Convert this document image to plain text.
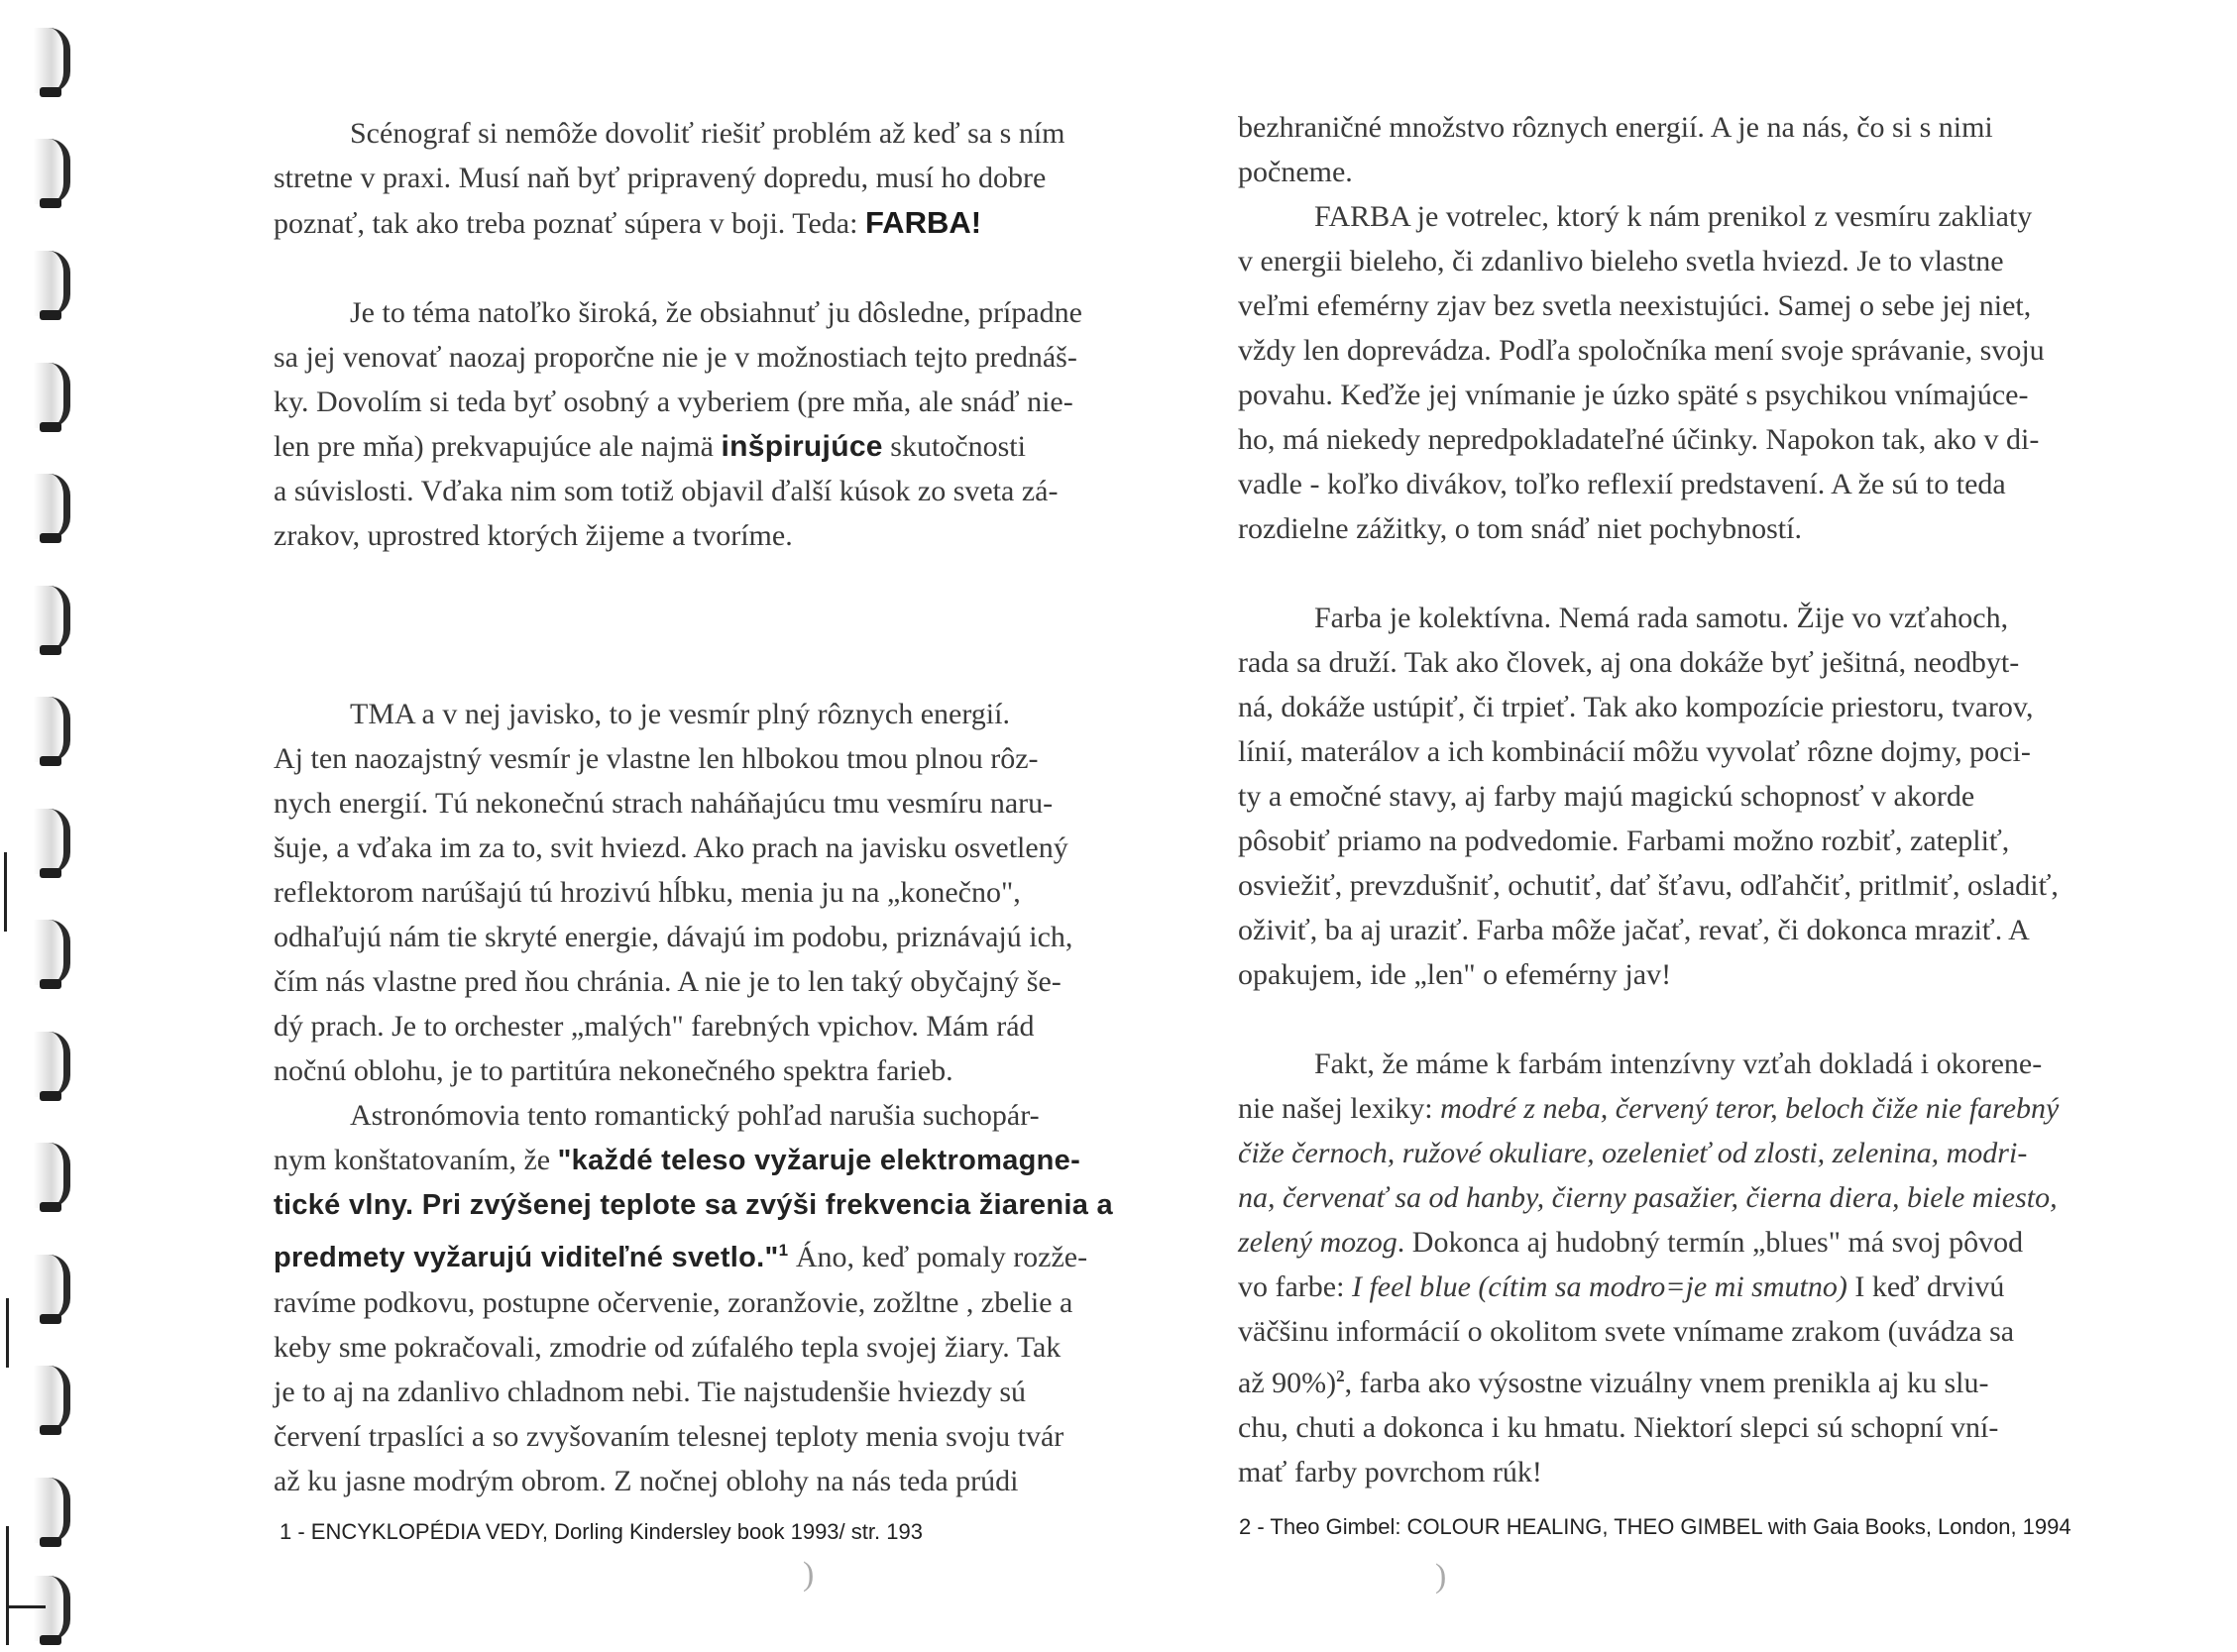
Scénograf si nemôže dovoliť riešiť problém až keď sa s ním
stretne v praxi. Musí naň byť pripravený dopredu, musí ho dobre
poznať, tak ako treba poznať súpera v boji. Teda: FARBA!

Je to téma natoľko široká, že obsiahnuť ju dôsledne, prípadne
sa jej venovať naozaj proporčne nie je v možnostiach tejto prednáš-
ky. Dovolím si teda byť osobný a vyberiem (pre mňa, ale snáď nie-
len pre mňa) prekvapujúce ale najmä inšpirujúce skutočnosti
a súvislosti. Vďaka nim som totiž objavil ďalší kúsok zo sveta zá-
zrakov, uprostred ktorých žijeme a tvoríme.

TMA a v nej javisko, to je vesmír plný rôznych energií.
Aj ten naozajstný vesmír je vlastne len hlbokou tmou plnou rôz-
nych energií. Tú nekonečnú strach naháňajúcu tmu vesmíru naru-
šuje, a vďaka im za to, svit hviezd. Ako prach na javisku osvetlený
reflektorom narúšajú tú hrozivú hĺbku, menia ju na „konečno",
odhaľujú nám tie skryté energie, dávajú im podobu, priznávajú ich,
čím nás vlastne pred ňou chránia. A nie je to len taký obyčajný še-
dý prach. Je to orchester „malých" farebných vpichov. Mám rád
nočnú oblohu, je to partitúra nekonečného spektra farieb.

Astronómovia tento romantický pohľad narušia suchopár-
nym konštatovaním, že "každé teleso vyžaruje elektromagne-
tické vlny. Pri zvýšenej teplote sa zvýši frekvencia žiarenia a
predmety vyžarujú viditeľné svetlo."$^1$ Áno, keď pomaly rozže-
ravíme podkovu, postupne očervenie, zoranžovie, zožltne , zbelie a
keby sme pokračovali, zmodrie od zúfalého tepla svojej žiary. Tak
je to aj na zdanlivo chladnom nebi. Tie najstudenšie hviezdy sú
červení trpaslíci a so zvyšovaním telesnej teploty menia svoju tvár
až ku jasne modrým obrom. Z nočnej oblohy na nás teda prúdi

1 - ENCYKLOPÉDIA VEDY, Dorling Kindersley book 1993/ str. 193
)

bezhraničné množstvo rôznych energií. A je na nás, čo si s nimi
počneme.

FARBA je votrelec, ktorý k nám prenikol z vesmíru zakliaty
v energii bieleho, či zdanlivo bieleho svetla hviezd. Je to vlastne
veľmi efemérny zjav bez svetla neexistujúci. Samej o sebe jej niet,
vždy len doprevádza. Podľa spoločníka mení svoje správanie, svoju
povahu. Keďže jej vnímanie je úzko späté s psychikou vnímajúce-
ho, má niekedy nepredpokladateľné účinky. Napokon tak, ako v di-
vadle - koľko divákov, toľko reflexií predstavení. A že sú to teda
rozdielne zážitky, o tom snáď niet pochybností.

Farba je kolektívna. Nemá rada samotu. Žije vo vzťahoch,
rada sa druží. Tak ako človek, aj ona dokáže byť ješitná, neodbyt-
ná, dokáže ustúpiť, či trpieť. Tak ako kompozície priestoru, tvarov,
línií, materálov a ich kombinácií môžu vyvolať rôzne dojmy, poci-
ty a emočné stavy, aj farby majú magickú schopnosť v akorde
pôsobiť priamo na podvedomie. Farbami možno rozbiť, zatepliť,
osviežiť, prevzdušniť, ochutiť, dať šťavu, odľahčiť, pritlmiť, osladiť,
oživiť, ba aj uraziť. Farba môže jačať, revať, či dokonca mraziť. A
opakujem, ide „len" o efemérny jav!

Fakt, že máme k farbám intenzívny vzťah dokladá i okorene-
nie našej lexiky: modré z neba, červený teror, beloch čiže nie farebný
čiže černoch, ružové okuliare, ozelenieť od zlosti, zelenina, modri-
na, červenať sa od hanby, čierny pasažier, čierna diera, biele miesto,
zelený mozog. Dokonca aj hudobný termín „blues" má svoj pôvod
vo farbe: I feel blue (cítim sa modro=je mi smutno) I keď drvivú
väčšinu informácií o okolitom svete vnímame zrakom (uvádza sa
až 90%)$^2$, farba ako výsostne vizuálny vnem prenikla aj ku slu-
chu, chuti a dokonca i ku hmatu. Niektorí slepci sú schopní vní-
mať farby povrchom rúk!

2 - Theo Gimbel: COLOUR HEALING, THEO GIMBEL with Gaia Books, London, 1994
)
